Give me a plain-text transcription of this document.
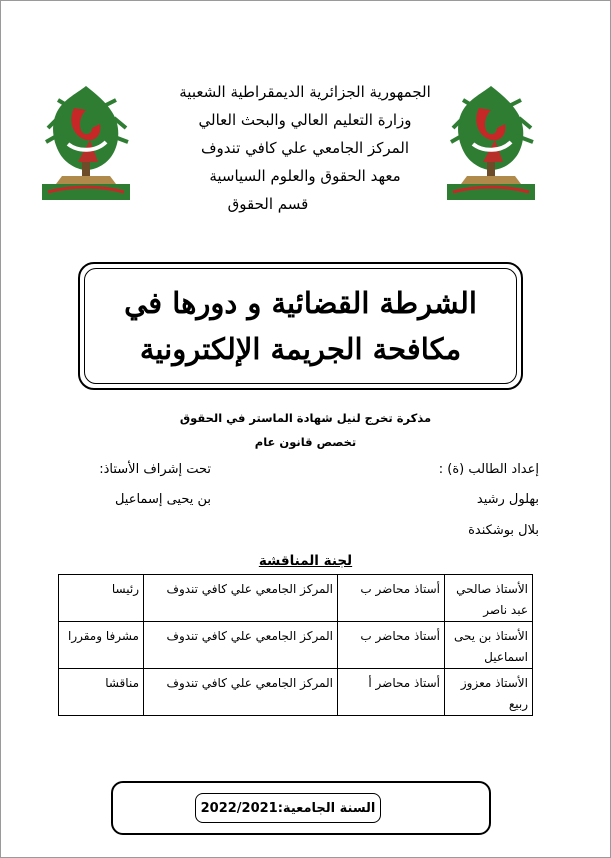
الجمهورية الجزائرية الديمقراطية الشعبية
وزارة التعليم العالي والبحث العالي
المركز الجامعي علي كافي تندوف
معهد الحقوق والعلوم السياسية
قسم الحقوق
الشرطة القضائية و دورها في
مكافحة الجريمة الإلكترونية
مذكرة تخرج لنيل شهادة الماستر في الحقوق
تخصص قانون عام
إعداد الطالب (ة) :
تحت إشراف الأستاذ:
بهلول رشيد
بن يحيى إسماعيل
بلال بوشكندة
لجنة المناقشة
الأستاذ صالحي عبد ناصر	أستاذ محاضر ب	المركز الجامعي علي كافي تندوف	رئيسا
الأستاذ بن يحى اسماعيل	أستاذ محاضر ب	المركز الجامعي علي كافي تندوف	مشرفا ومقررا
الأستاذ معزوز ربيع	أستاذ محاضر أ	المركز الجامعي علي كافي تندوف	مناقشا
السنة الجامعية:2022/2021
